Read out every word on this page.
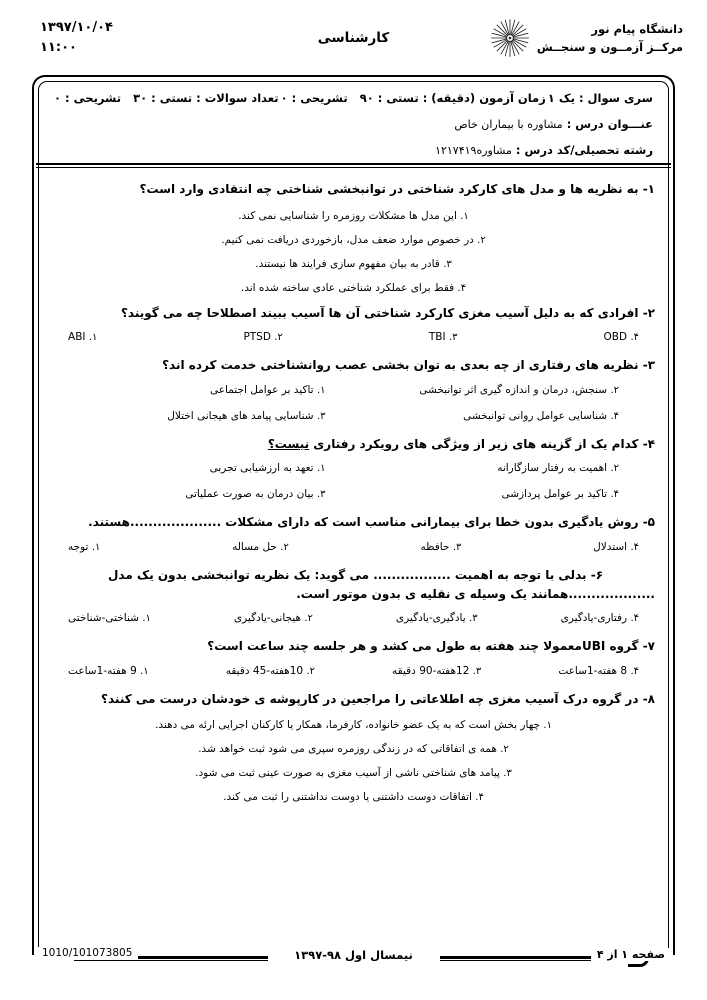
۱۳۹۷/۱۰/۰۴
۱۱:۰۰
کارشناسی
دانشگاه پیام نور
مرکــز آزمــون و سنجــش
سری سوال : یک ۱
زمان آزمون (دقیقه) : تستی : ۹۰   تشریحی : ۰
تعداد سوالات : تستی : ۳۰   تشریحی : ۰
عنـــوان درس : مشاوره با بیماران خاص
رشته تحصیلی/کد درس : مشاوره۱۲۱۷۴۱۹
۱- به نظریه ها و مدل های کارکرد شناختی در توانبخشی شناختی چه انتقادی وارد است؟
۱. این مدل ها مشکلات روزمره را شناسایی نمی کند.
۲. در خصوص موارد ضعف مدل، بازخوردی دریافت نمی کنیم.
۳. قادر به بیان مفهوم سازی فرایند ها نیستند.
۴. فقط برای عملکرد شناختی عادی ساخته شده اند.
۲- افرادی که به دلیل آسیب مغزی کارکرد شناختی آن ها آسیب ببیند اصطلاحا چه می گویند؟
۴. OBD
۳. TBI
۲. PTSD
۱. ABI
۳- نظریه های رفتاری از چه بعدی به توان بخشی عصب روانشناختی خدمت کرده اند؟
۲. سنجش، درمان و اندازه گیری اثر توانبخشی
۱. تاکید بر عوامل اجتماعی
۴. شناسایی عوامل روانی توانبخشی
۳. شناسایی پیامد های هیجانی اختلال
۴- کدام یک از گزینه های زیر از ویژگی های رویکرد رفتاری نیست؟
۲. اهمیت به رفتار سازگارانه
۱. تعهد به ارزشیابی تجربی
۴. تاکید بر عوامل پردازشی
۳. بیان درمان به صورت عملیاتی
۵- روش یادگیری بدون خطا برای بیمارانی مناسب است که دارای مشکلات ....................هستند.
۴. استدلال
۳. حافظه
۲. حل مساله
۱. توجه
۶- بدلی با توجه به اهمیت ................. می گوید: یک نظریه توانبخشی بدون یک مدل ...................همانند یک وسیله ی نقلیه ی بدون موتور است.
۴. رفتاری-یادگیری
۳. یادگیری-یادگیری
۲. هیجانی-یادگیری
۱. شناختی-شناختی
۷- گروه UBIمعمولا چند هفته به طول می کشد و هر جلسه چند ساعت است؟
۴. 8 هفته-1ساعت
۳. 12هفته-90 دقیقه
۲. 10هفته-45 دقیقه
۱. 9 هفته-1ساعت
۸- در گروه درک آسیب مغزی چه اطلاعاتی را مراجعین در کارپوشه ی خودشان درست می کنند؟
۱. چهار بخش است که به یک عضو خانواده، کارفرما، همکار یا کارکنان اجرایی ارئه می دهند.
۲. همه ی اتفاقاتی که در زندگی روزمره سپری می شود ثبت خواهد شد.
۳. پیامد های شناختی ناشی از آسیب مغزی به صورت عینی ثبت می شود.
۴. اتفاقات دوست داشتنی یا دوست نداشتنی را ثبت می کند.
1010/101073805	نیمسال اول ۹۸-۱۳۹۷	صفحه ۱ از ۴
